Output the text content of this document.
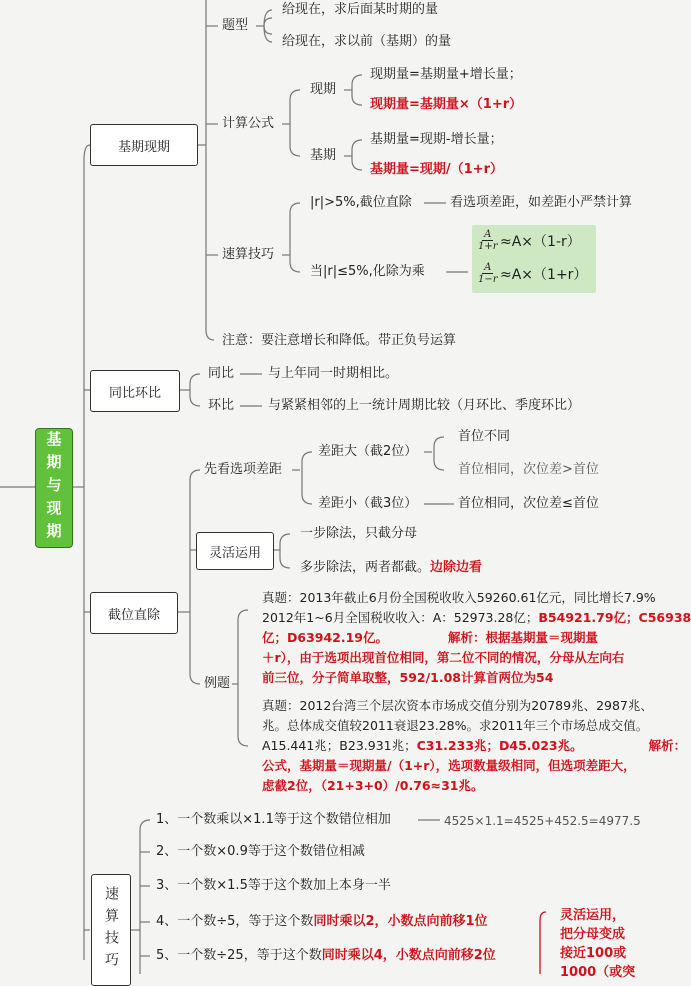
基期与现期
基期现期
题型
给现在，求后面某时期的量
给现在，求以前（基期）的量
计算公式
现期
现期量=基期量+增长量；
现期量=基期量×（1+r）
基期
基期量=现期-增长量；
基期量=现期/（1+r）
速算技巧
|r|>5%,截位直除	看选项差距，如差距小严禁计算
当|r|≤5%,化除为乘
$\frac{A}{1+r} \approx A\times(1-r)$
$\frac{A}{1-r} \approx A\times(1+r)$
注意：要注意增长和降低。带正负号运算
同比环比
同比	与上年同一时期相比。
环比	与紧紧相邻的上一统计周期比较（月环比、季度环比）
截位直除
先看选项差距
差距大（截2位）
首位不同
首位相同，次位差>首位
差距小（截3位）	首位相同，次位差≤首位
灵活运用
一步除法，只截分母
多步除法，两者都截。边除边看
例题
真题：2013年截止6月份全国税收收入59260.61亿元，同比增长7.9%
2012年1~6月全国税收收入：A：52973.28亿；B54921.79亿；C56938
亿；D63942.19亿。	解析：根据基期量＝现期量
＋r），由于选项出现首位相同，第二位不同的情况，分母从左向右
前三位，分子简单取整，592/1.08计算首两位为54
真题：2012台湾三个层次资本市场成交值分别为20789兆、2987兆、
兆。总体成交值较2011衰退23.28%。求2011年三个市场总成交值。
A15.441兆；B23.931兆；C31.233兆；D45.023兆。	解析：
公式，基期量＝现期量/（1+r），选项数量级相同，但选项差距大，
虑截2位，（21+3+0）/0.76≈31兆。
速算技巧
1、一个数乘以×1.1等于这个数错位相加	4525×1.1=4525+452.5=4977.5
2、一个数×0.9等于这个数错位相减
3、一个数×1.5等于这个数加上本身一半
4、一个数÷5，等于这个数同时乘以2，小数点向前移1位
5、一个数÷25，等于这个数同时乘以4，小数点向前移2位
灵活运用，
把分母变成
接近100或
1000（或突
